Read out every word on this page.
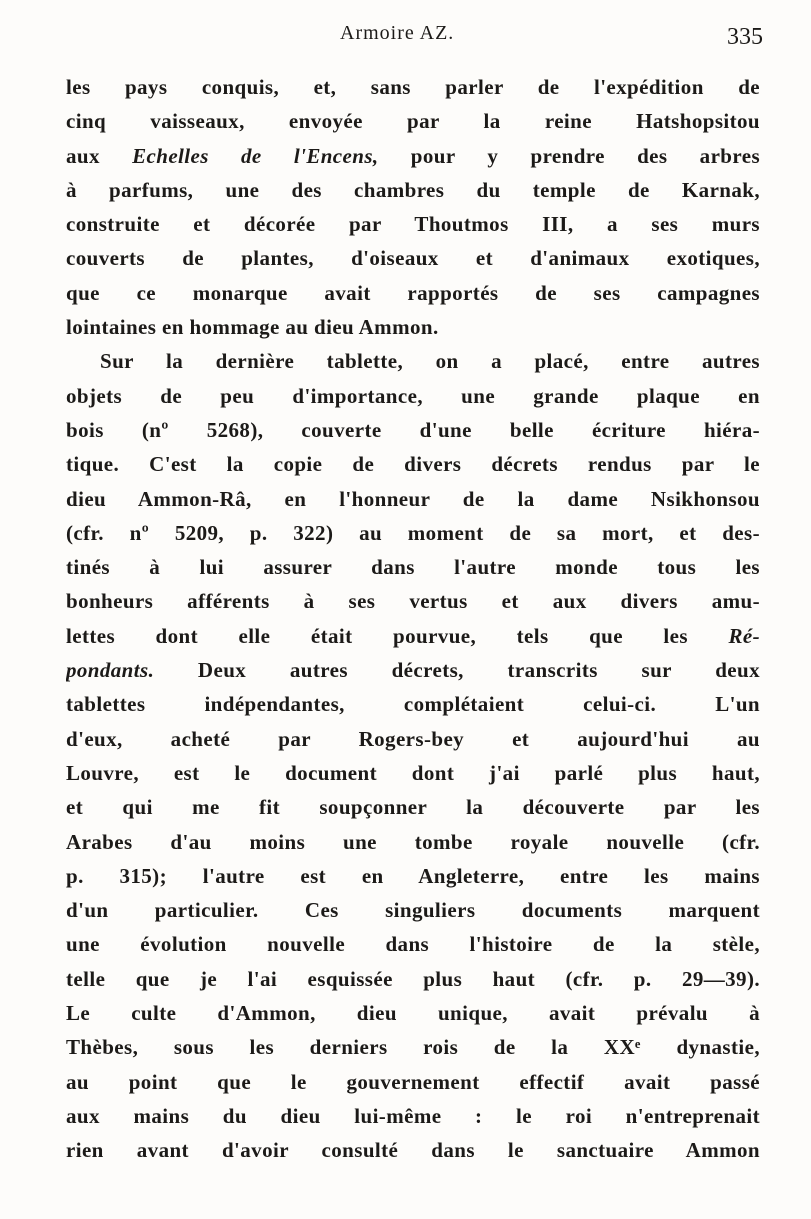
Armoire AZ.	335
les pays conquis, et, sans parler de l'expédition de
cinq vaisseaux, envoyée par la reine Hatshopsitou
aux Echelles de l'Encens, pour y prendre des arbres
à parfums, une des chambres du temple de Karnak,
construite et décorée par Thoutmos III, a ses murs
couverts de plantes, d'oiseaux et d'animaux exotiques,
que ce monarque avait rapportés de ses campagnes
lointaines en hommage au dieu Ammon.
Sur la dernière tablette, on a placé, entre autres
objets de peu d'importance, une grande plaque en
bois (nº 5268), couverte d'une belle écriture hiéra-
tique. C'est la copie de divers décrets rendus par le
dieu Ammon-Râ, en l'honneur de la dame Nsikhonsou
(cfr. nº 5209, p. 322) au moment de sa mort, et des-
tinés à lui assurer dans l'autre monde tous les
bonheurs afférents à ses vertus et aux divers amu-
lettes dont elle était pourvue, tels que les Ré-
pondants. Deux autres décrets, transcrits sur deux
tablettes indépendantes, complétaient celui-ci. L'un
d'eux, acheté par Rogers-bey et aujourd'hui au
Louvre, est le document dont j'ai parlé plus haut,
et qui me fit soupçonner la découverte par les
Arabes d'au moins une tombe royale nouvelle (cfr.
p. 315); l'autre est en Angleterre, entre les mains
d'un particulier. Ces singuliers documents marquent
une évolution nouvelle dans l'histoire de la stèle,
telle que je l'ai esquissée plus haut (cfr. p. 29—39).
Le culte d'Ammon, dieu unique, avait prévalu à
Thèbes, sous les derniers rois de la XXᵉ dynastie,
au point que le gouvernement effectif avait passé
aux mains du dieu lui-même : le roi n'entreprenait
rien avant d'avoir consulté dans le sanctuaire Ammon
